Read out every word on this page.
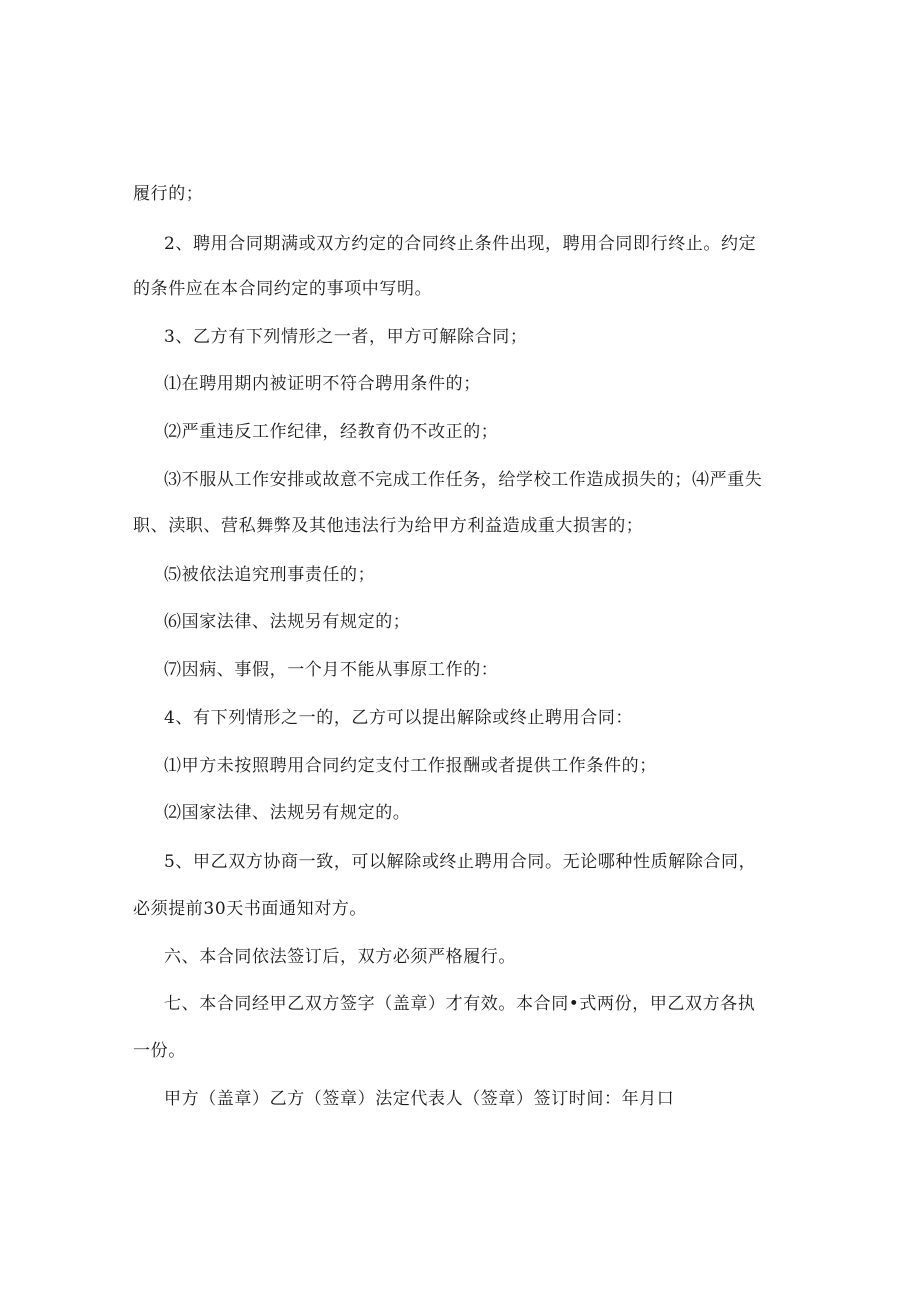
履行的；

2、聘用合同期满或双方约定的合同终止条件出现，聘用合同即行终止。约定

的条件应在本合同约定的事项中写明。

3、乙方有下列情形之一者，甲方可解除合同；

⑴在聘用期内被证明不符合聘用条件的；

⑵严重违反工作纪律，经教育仍不改正的；

⑶不服从工作安排或故意不完成工作任务，给学校工作造成损失的；⑷严重失

职、渎职、营私舞弊及其他违法行为给甲方利益造成重大损害的；

⑸被依法追究刑事责任的；

⑹国家法律、法规另有规定的；

⑺因病、事假，一个月不能从事原工作的：

4、有下列情形之一的，乙方可以提出解除或终止聘用合同：

⑴甲方未按照聘用合同约定支付工作报酬或者提供工作条件的；

⑵国家法律、法规另有规定的。

5、甲乙双方协商一致，可以解除或终止聘用合同。无论哪种性质解除合同，

必须提前30天书面通知对方。

六、本合同依法签订后，双方必须严格履行。

七、本合同经甲乙双方签字（盖章）才有效。本合同•式两份，甲乙双方各执

一份。

甲方（盖章）乙方（签章）法定代表人（签章）签订时间：年月口
